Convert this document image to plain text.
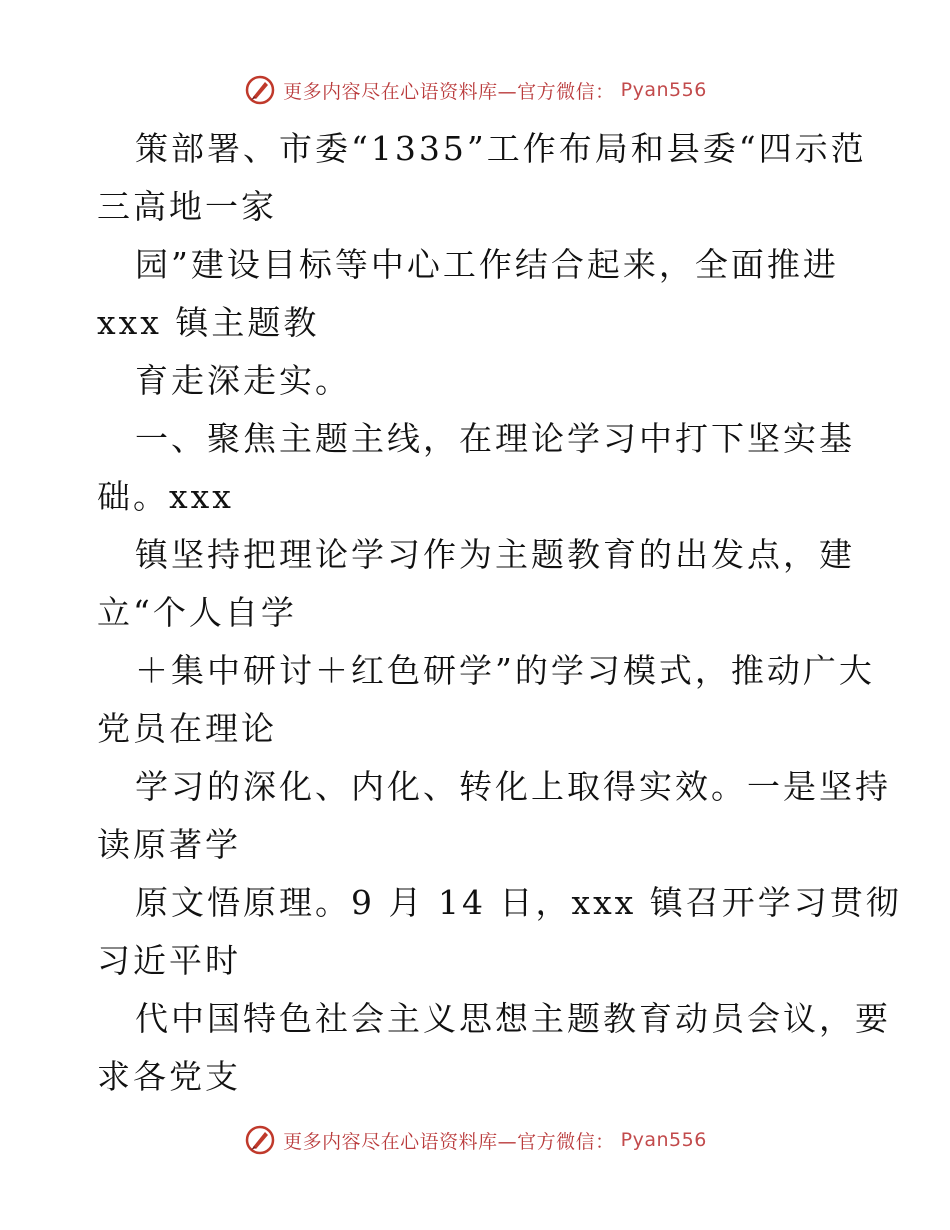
更多内容尽在心语资料库—官方微信： Pyan556
策部署、市委“1335”工作布局和县委“四示范
三高地一家
园”建设目标等中心工作结合起来，全面推进
xxx 镇主题教
育走深走实。
一、聚焦主题主线，在理论学习中打下坚实基
础。xxx
镇坚持把理论学习作为主题教育的出发点，建
立“个人自学
＋集中研讨＋红色研学”的学习模式，推动广大
党员在理论
学习的深化、内化、转化上取得实效。一是坚持
读原著学
原文悟原理。9 月 14 日，xxx 镇召开学习贯彻
习近平时
代中国特色社会主义思想主题教育动员会议，要
求各党支
更多内容尽在心语资料库—官方微信： Pyan556
